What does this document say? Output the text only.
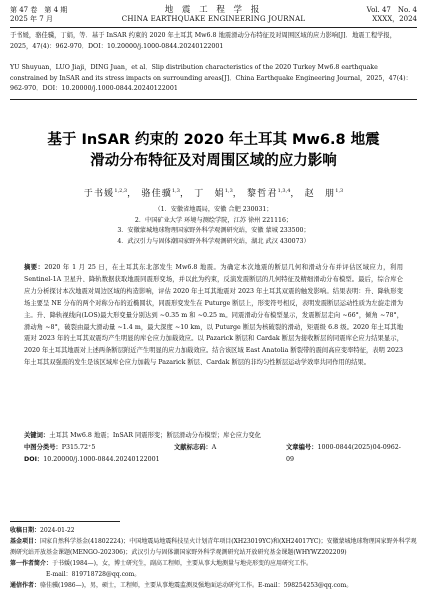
第 47 卷　第 4 期
2025 年 7 月
地 震 工 程 学 报
CHINA EARTHQUAKE ENGINEERING JOURNAL
Vol. 47　No. 4
XXXX，2024
于书媛，骆佳骥，丁娟，等．基于 InSAR 约束的 2020 年土耳其 Mw6.8 地震滑动分布特征及对周围区域的应力影响[J]．地震工程学报，2025，47(4)：962-970．DOI：10.20000/j.1000-0844.20240122001
YU Shuyuan，LUO Jiaji，DING Juan，et al．Slip distribution characteristics of the 2020 Turkey Mw6.8 earthquake constrained by InSAR and its stress impacts on surrounding areas[J]．China Earthquake Engineering Journal，2025，47(4)：962-970．DOI：10.20000/j.1000-0844.20240122001
基于 InSAR 约束的 2020 年土耳其 Mw6.8 地震
滑动分布特征及对周围区域的应力影响
于书媛$^{1,2,3}$， 骆佳骥$^{1,3}$， 丁　娟$^{1,3}$， 黎哲君$^{1,3,4}$， 赵　朋$^{1,3}$
（1．安徽省地震局，安徽 合肥 230031；
2．中国矿业大学 环境与测绘学院，江苏 徐州 221116；
3．安徽蒙城地球物理国家野外科学观测研究站，安徽 蒙城 233500；
4．武汉引力与固体潮国家野外科学观测研究站，湖北 武汉 430073）
摘要：2020 年 1 月 25 日，在土耳其东北部发生 Mw6.8 地震。为确定本次地震的断层几何和滑动分布并评估区域应力，利用 Sentinel-1A 卫星升、降轨数据获取地震同震形变场，并以此为约束，反演发震断层的几何特征及精细滑动分布模型。最后，综合库仑应力分析探讨本次地震对周边区域的构造影响，评估 2020 年土耳其地震对 2023 年土耳其双震的触发影响。结果表明：升、降轨形变场主要呈 NE 分布的两个对称分布的近椭圆状，同震形变发生在 Puturge 断层上，形变符号相反，表明发震断层运动性质为左旋走滑为主。升、降轨视线向(LOS)最大形变量分别达到 ~0.35 m 和 ~0.25 m。同震滑动分布模型显示，发震断层走向 ~66°，倾角 ~78°，滑动角 ~8°，破裂由最大滑动量 ~1.4 m，最大深度 ~10 km，以 Puturge 断层为核破裂的滑动，矩震级 6.8 级。2020 年土耳其地震对 2023 年的土耳其双震均产生明显的库仑应力加载效应。以 Pazarick 断层和 Cardak 断层为接收断层的同震库仑应力结果显示，2020 年土耳其地震对上述两条断层附近产生明显的应力加载效应。结合该区域 East Anatolia 断裂带的震间高应变率特征，表明 2023 年土耳其双强震的发生是该区域库仑应力加载与 Pazarick 断层、Cardak 断层的非均匀性断层运动学效率共同作用的结果。
关键词：土耳其 Mw6.8 地震；InSAR 同震形变；断层滑动分布模型；库仑应力变化
中图分类号：P315.72⁺5	文献标志码：A	文章编号：1000-0844(2025)04-0962-09
DOI：10.20000/j.1000-0844.20240122001
收稿日期：2024-01-22
基金项目：国家自然科学基金(41802224)；中国地震局地震科技星火计划青年项目(XH23019YC)和(XH24017YC)；安徽蒙城地球物理国家野外科学观测研究站开放基金课题(MENGO-202306)；武汉引力与固体潮国家野外科学观测研究站开放研究基金课题(WHYWZ202209)
第一作者简介：于书媛(1984—)，女，博士研究生，副高工程师，主要从事大地测量与地壳形变的应用研究工作。
E-mail：819718728@qq.com。
通信作者：骆佳骥(1986—)，男，硕士，工程师，主要从事地震监测及强地面运动研究工作。E-mail：598254253@qq.com。
